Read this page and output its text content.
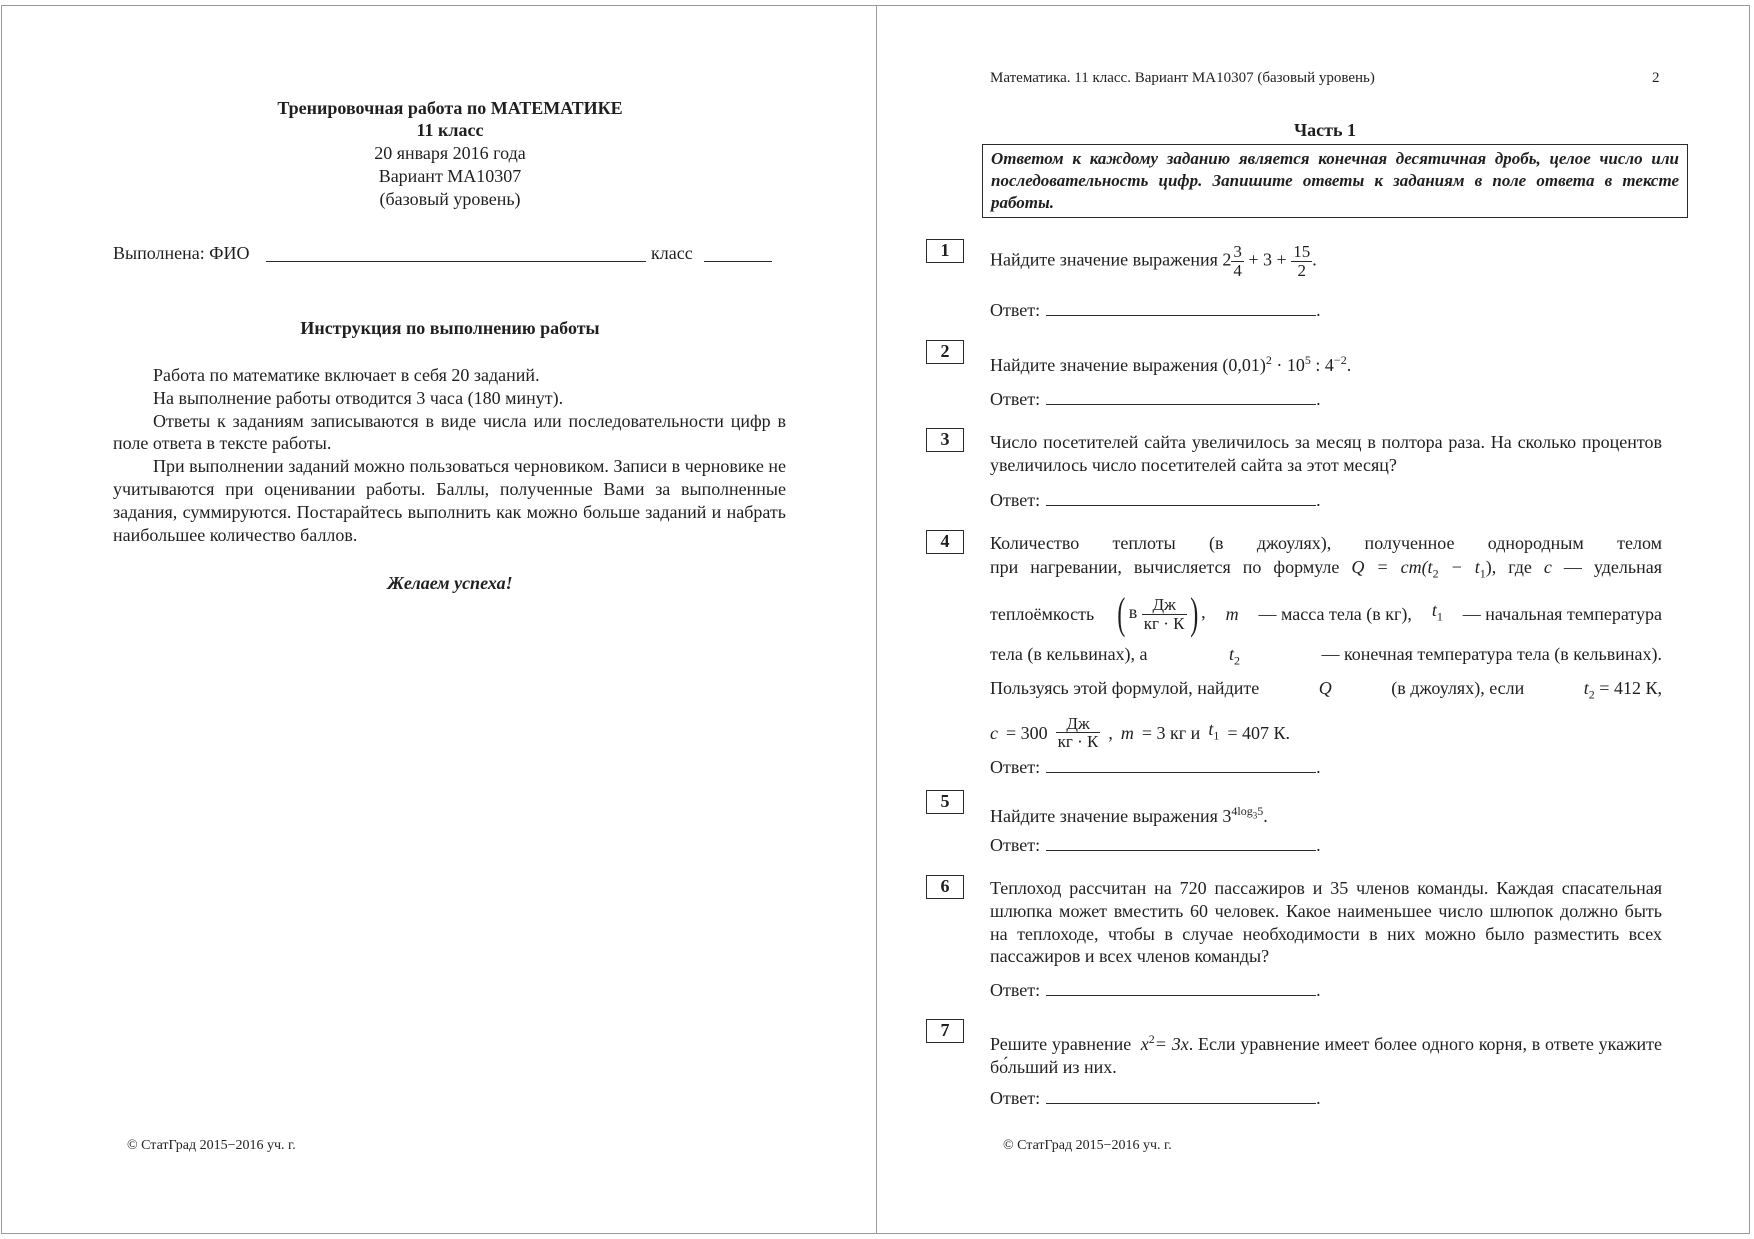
Тренировочная работа по МАТЕМАТИКЕ
11 класс
20 января 2016 года
Вариант MA10307
(базовый уровень)
Выполнена: ФИО	класс
Инструкция по выполнению работы
Работа по математике включает в себя 20 заданий.
На выполнение работы отводится 3 часа (180 минут).
Ответы к заданиям записываются в виде числа или последовательности цифр в поле ответа в тексте работы.
При выполнении заданий можно пользоваться черновиком. Записи в черновике не учитываются при оценивании работы. Баллы, полученные Вами за выполненные задания, суммируются. Постарайтесь выполнить как можно больше заданий и набрать наибольшее количество баллов.
Желаем успеха!
© СтатГрад 2015−2016 уч. г.
Математика. 11 класс. Вариант MA10307 (базовый уровень)	2
Часть 1
Ответом к каждому заданию является конечная десятичная дробь, целое число или последовательность цифр. Запишите ответы к заданиям в поле ответа в тексте работы.
1	Найдите значение выражения $2 \frac{3}{4} + 3 + \frac{15}{2}$ .
Ответ:	.
2
Найдите значение выражения $(0,01)^2 \cdot 10^5$ : $4^{-2}$.
Ответ:	.
3	Число посетителей сайта увеличилось за месяц в полтора раза. На сколько процентов увеличилось число посетителей сайта за этот месяц?
Ответ:	.
4	Количество теплоты (в джоулях), полученное однородным телом
при нагревании, вычисляется по формуле $Q = cm(t_2 - t_1)$, где c — удельная
теплоёмкость ( в $\frac{Дж}{кг \cdot К}$ ) , m — масса тела (в кг), $t_1$ — начальная температура
тела (в кельвинах), а	$t_2$	— конечная температура тела (в кельвинах).
Пользуясь этой формулой, найдите	Q	(в джоулях), если	$t_2 = 412$ К,
$c = 300 \frac{Дж}{кг \cdot К}$ , m = 3 кг и $t_1 = 407$ К.
Ответ:	.
5
Найдите значение выражения $3^{4log_35}$.
Ответ:	.
6	Теплоход рассчитан на 720 пассажиров и 35 членов команды. Каждая спасательная шлюпка может вместить 60 человек. Какое наименьшее число шлюпок должно быть на теплоходе, чтобы в случае необходимости в них можно было разместить всех пассажиров и всех членов команды?
Ответ:	.
7
Решите уравнение $x^2= 3x$. Если уравнение имеет более одного корня, в ответе укажите бо́льший из них.
Ответ:	.
© СтатГрад 2015−2016 уч. г.
